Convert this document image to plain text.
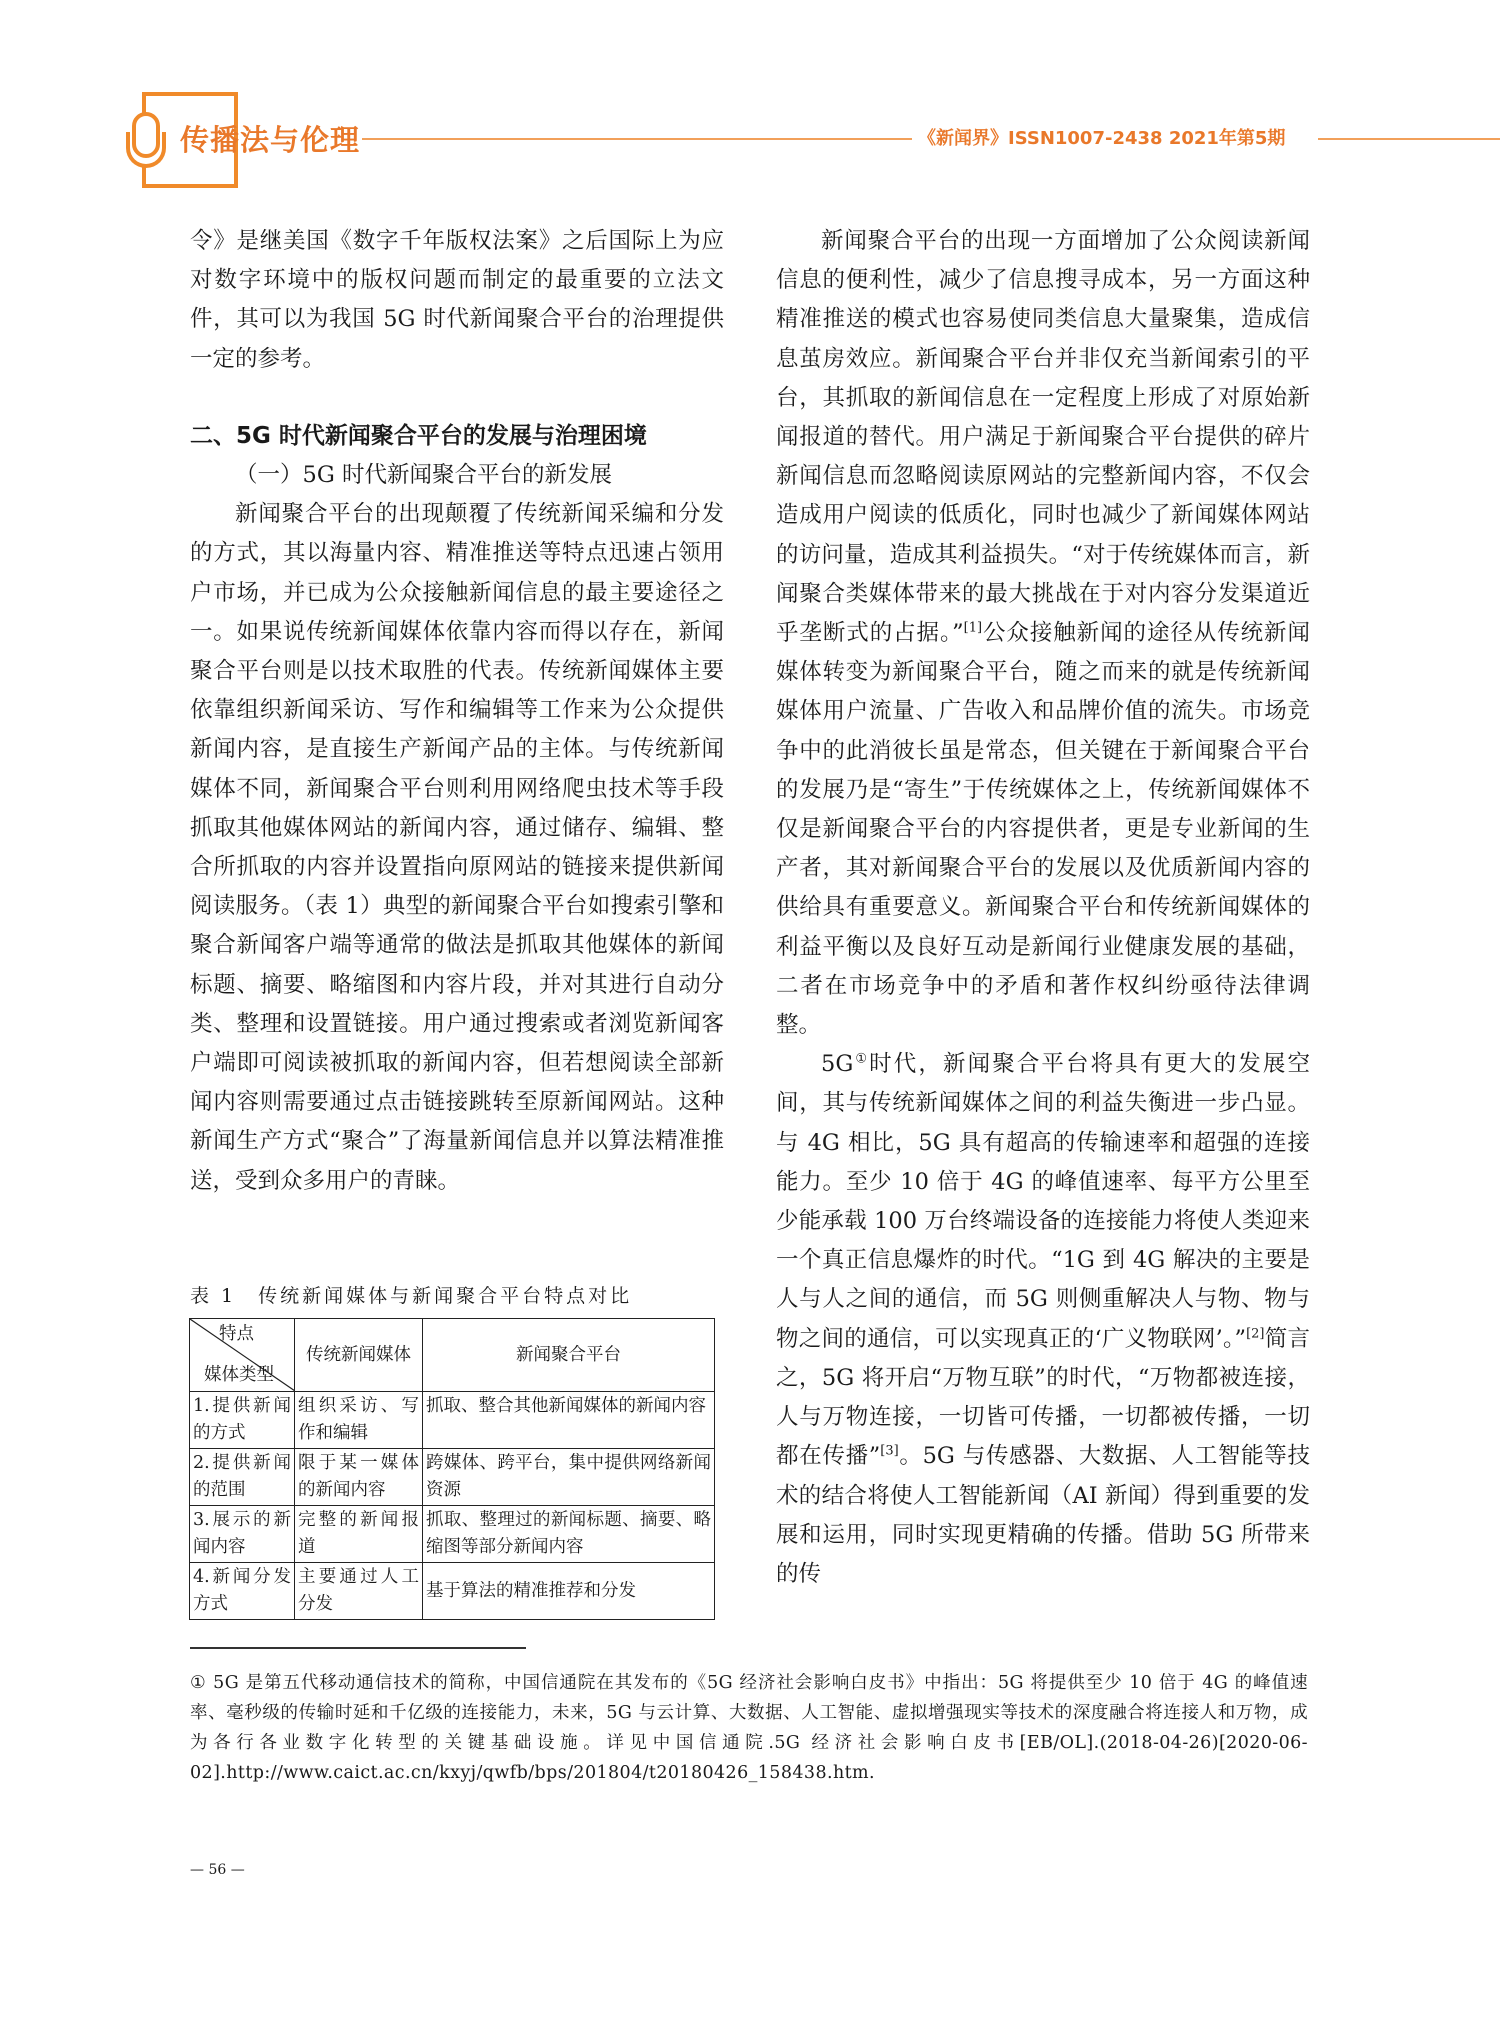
传播法与伦理	《新闻界》ISSN1007-2438 2021年第5期

令》是继美国《数字千年版权法案》之后国际上为应对数字环境中的版权问题而制定的最重要的立法文件，其可以为我国 5G 时代新闻聚合平台的治理提供一定的参考。

二、5G 时代新闻聚合平台的发展与治理困境

（一）5G 时代新闻聚合平台的新发展

新闻聚合平台的出现颠覆了传统新闻采编和分发的方式，其以海量内容、精准推送等特点迅速占领用户市场，并已成为公众接触新闻信息的最主要途径之一。如果说传统新闻媒体依靠内容而得以存在，新闻聚合平台则是以技术取胜的代表。传统新闻媒体主要依靠组织新闻采访、写作和编辑等工作来为公众提供新闻内容，是直接生产新闻产品的主体。与传统新闻媒体不同，新闻聚合平台则利用网络爬虫技术等手段抓取其他媒体网站的新闻内容，通过储存、编辑、整合所抓取的内容并设置指向原网站的链接来提供新闻阅读服务。（表 1）典型的新闻聚合平台如搜索引擎和聚合新闻客户端等通常的做法是抓取其他媒体的新闻标题、摘要、略缩图和内容片段，并对其进行自动分类、整理和设置链接。用户通过搜索或者浏览新闻客户端即可阅读被抓取的新闻内容，但若想阅读全部新闻内容则需要通过点击链接跳转至原新闻网站。这种新闻生产方式“聚合”了海量新闻信息并以算法精准推送，受到众多用户的青睐。

表 1　传统新闻媒体与新闻聚合平台特点对比
特点
媒体类型	传统新闻媒体	新闻聚合平台
1.提供新闻的方式	组织采访、写作和编辑	抓取、整合其他新闻媒体的新闻内容
2.提供新闻的范围	限于某一媒体的新闻内容	跨媒体、跨平台，集中提供网络新闻资源
3.展示的新闻内容	完整的新闻报道	抓取、整理过的新闻标题、摘要、略缩图等部分新闻内容
4.新闻分发方式	主要通过人工分发	基于算法的精准推荐和分发

新闻聚合平台的出现一方面增加了公众阅读新闻信息的便利性，减少了信息搜寻成本，另一方面这种精准推送的模式也容易使同类信息大量聚集，造成信息茧房效应。新闻聚合平台并非仅充当新闻索引的平台，其抓取的新闻信息在一定程度上形成了对原始新闻报道的替代。用户满足于新闻聚合平台提供的碎片新闻信息而忽略阅读原网站的完整新闻内容，不仅会造成用户阅读的低质化，同时也减少了新闻媒体网站的访问量，造成其利益损失。“对于传统媒体而言，新闻聚合类媒体带来的最大挑战在于对内容分发渠道近乎垄断式的占据。”[1]公众接触新闻的途径从传统新闻媒体转变为新闻聚合平台，随之而来的就是传统新闻媒体用户流量、广告收入和品牌价值的流失。市场竞争中的此消彼长虽是常态，但关键在于新闻聚合平台的发展乃是“寄生”于传统媒体之上，传统新闻媒体不仅是新闻聚合平台的内容提供者，更是专业新闻的生产者，其对新闻聚合平台的发展以及优质新闻内容的供给具有重要意义。新闻聚合平台和传统新闻媒体的利益平衡以及良好互动是新闻行业健康发展的基础，二者在市场竞争中的矛盾和著作权纠纷亟待法律调整。

5G①时代，新闻聚合平台将具有更大的发展空间，其与传统新闻媒体之间的利益失衡进一步凸显。与 4G 相比，5G 具有超高的传输速率和超强的连接能力。至少 10 倍于 4G 的峰值速率、每平方公里至少能承载 100 万台终端设备的连接能力将使人类迎来一个真正信息爆炸的时代。“1G 到 4G 解决的主要是人与人之间的通信，而 5G 则侧重解决人与物、物与物之间的通信，可以实现真正的‘广义物联网’。”[2]简言之，5G 将开启“万物互联”的时代，“万物都被连接，人与万物连接，一切皆可传播，一切都被传播，一切都在传播”[3]。5G 与传感器、大数据、人工智能等技术的结合将使人工智能新闻（AI 新闻）得到重要的发展和运用，同时实现更精确的传播。借助 5G 所带来的传

① 5G 是第五代移动通信技术的简称，中国信通院在其发布的《5G 经济社会影响白皮书》中指出：5G 将提供至少 10 倍于 4G 的峰值速率、毫秒级的传输时延和千亿级的连接能力，未来，5G 与云计算、大数据、人工智能、虚拟增强现实等技术的深度融合将连接人和万物，成为各行各业数字化转型的关键基础设施。详见中国信通院.5G 经济社会影响白皮书[EB/OL].(2018-04-26)[2020-06-02].http://www.caict.ac.cn/kxyj/qwfb/bps/201804/t20180426_158438.htm.
— 56 —
